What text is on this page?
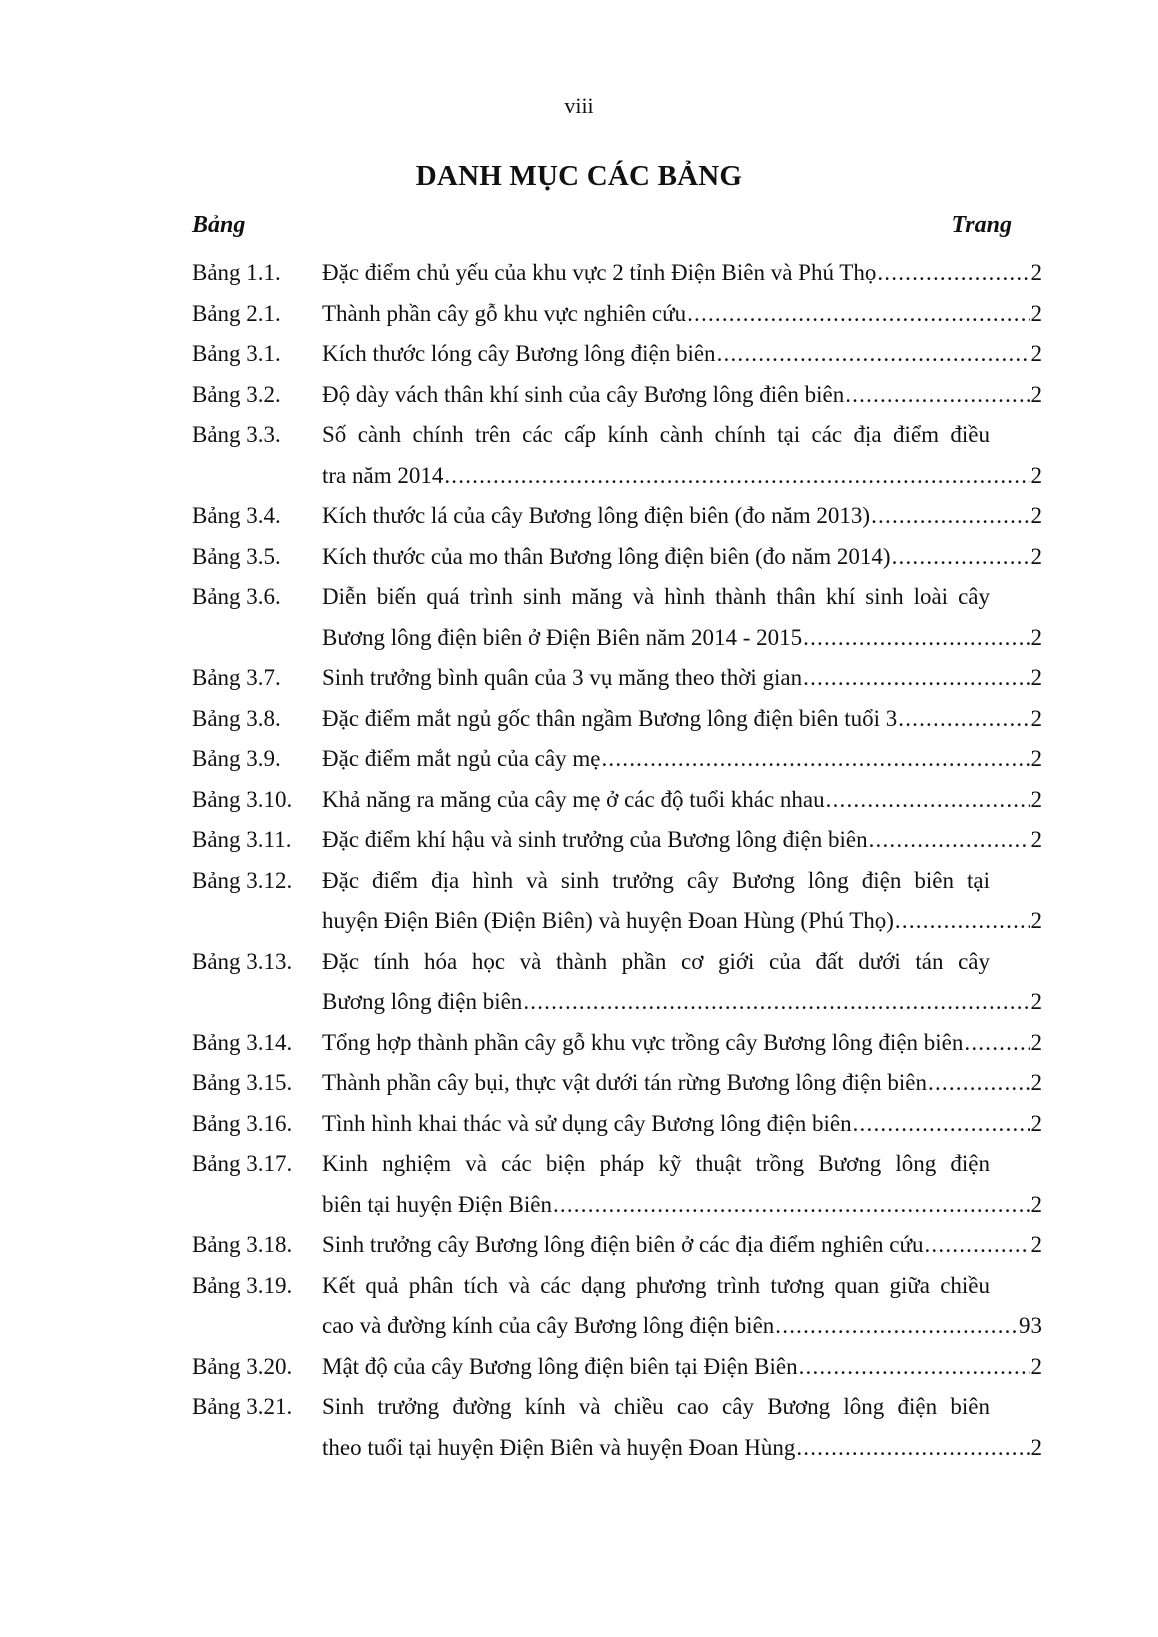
viii
DANH MỤC CÁC BẢNG
Bảng	Trang
Bảng 1.1.	Đặc điểm chủ yếu của khu vực 2 tỉnh Điện Biên và Phú Thọ .....	2
Bảng 2.1.	Thành phần cây gỗ khu vực nghiên cứu .....	2
Bảng 3.1.	Kích thước lóng cây Bương lông điện biên .....	2
Bảng 3.2.	Độ dày vách thân khí sinh của cây Bương lông điên biên .....	2
Bảng 3.3.	Số cành chính trên các cấp kính cành chính tại các địa điểm điều
tra năm 2014 .....	2
Bảng 3.4.	Kích thước lá của cây Bương lông điện biên (đo năm 2013) .....	2
Bảng 3.5.	Kích thước của mo thân Bương lông điện biên (đo năm 2014) .....	2
Bảng 3.6.	Diễn biến quá trình sinh măng và hình thành thân khí sinh loài cây
Bương lông điện biên ở Điện Biên năm 2014 - 2015 .....	2
Bảng 3.7.	Sinh trưởng bình quân của 3 vụ măng theo thời gian .....	2
Bảng 3.8.	Đặc điểm mắt ngủ gốc thân ngầm Bương lông điện biên tuổi 3 .....	2
Bảng 3.9.	Đặc điểm mắt ngủ của cây mẹ .....	2
Bảng 3.10.	Khả năng ra măng của cây mẹ ở các độ tuổi khác nhau .....	2
Bảng 3.11.	Đặc điểm khí hậu và sinh trưởng của Bương lông điện biên .....	2
Bảng 3.12.	Đặc điểm địa hình và sinh trưởng cây Bương lông điện biên tại
huyện Điện Biên (Điện Biên) và huyện Đoan Hùng (Phú Thọ) .....	2
Bảng 3.13.	Đặc tính hóa học và thành phần cơ giới của đất dưới tán cây
Bương lông điện biên .....	2
Bảng 3.14.	Tổng hợp thành phần cây gỗ khu vực trồng cây Bương lông điện biên .....	2
Bảng 3.15.	Thành phần cây bụi, thực vật dưới tán rừng Bương lông điện biên .....	2
Bảng 3.16.	Tình hình khai thác và sử dụng cây Bương lông điện biên .....	2
Bảng 3.17.	Kinh nghiệm và các biện pháp kỹ thuật trồng Bương lông điện
biên tại huyện Điện Biên .....	2
Bảng 3.18.	Sinh trưởng cây Bương lông điện biên ở các địa điểm nghiên cứu .....	2
Bảng 3.19.	Kết quả phân tích và các dạng phương trình tương quan giữa chiều
cao và đường kính của cây Bương lông điện biên .....	93
Bảng 3.20.	Mật độ của cây Bương lông điện biên tại Điện Biên .....	2
Bảng 3.21.	Sinh trưởng đường kính và chiều cao cây Bương lông điện biên
theo tuổi tại huyện Điện Biên và huyện Đoan Hùng .....	2
